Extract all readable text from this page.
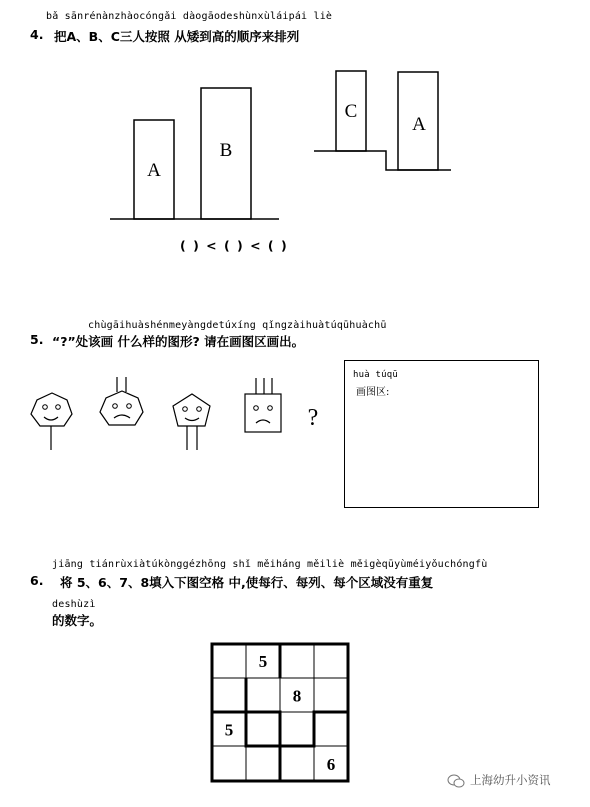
bǎ sānrénànzhàocóngǎi dàogāodeshùnxùláipái liè
4. 把A、B、C三人按照 从矮到高的顺序来排列
A
B
C
A
( ) < ( ) < ( )
chùgāihuàshénmeyàngdetúxíng qǐngzàihuàtúqūhuàchū
5. “?”处该画 什么样的图形? 请在画图区画出。
?
huà túqū
画图区:
jiāng tiánrùxiàtúkònggézhōng shǐ měiháng měiliè měigèqūyùméiyǒuchóngfù
6. 将 5、6、7、8填入下图空格 中,使每行、每列、每个区域没有重复
deshùzì
的数字。
5
8
5
6
上海幼升小资讯
